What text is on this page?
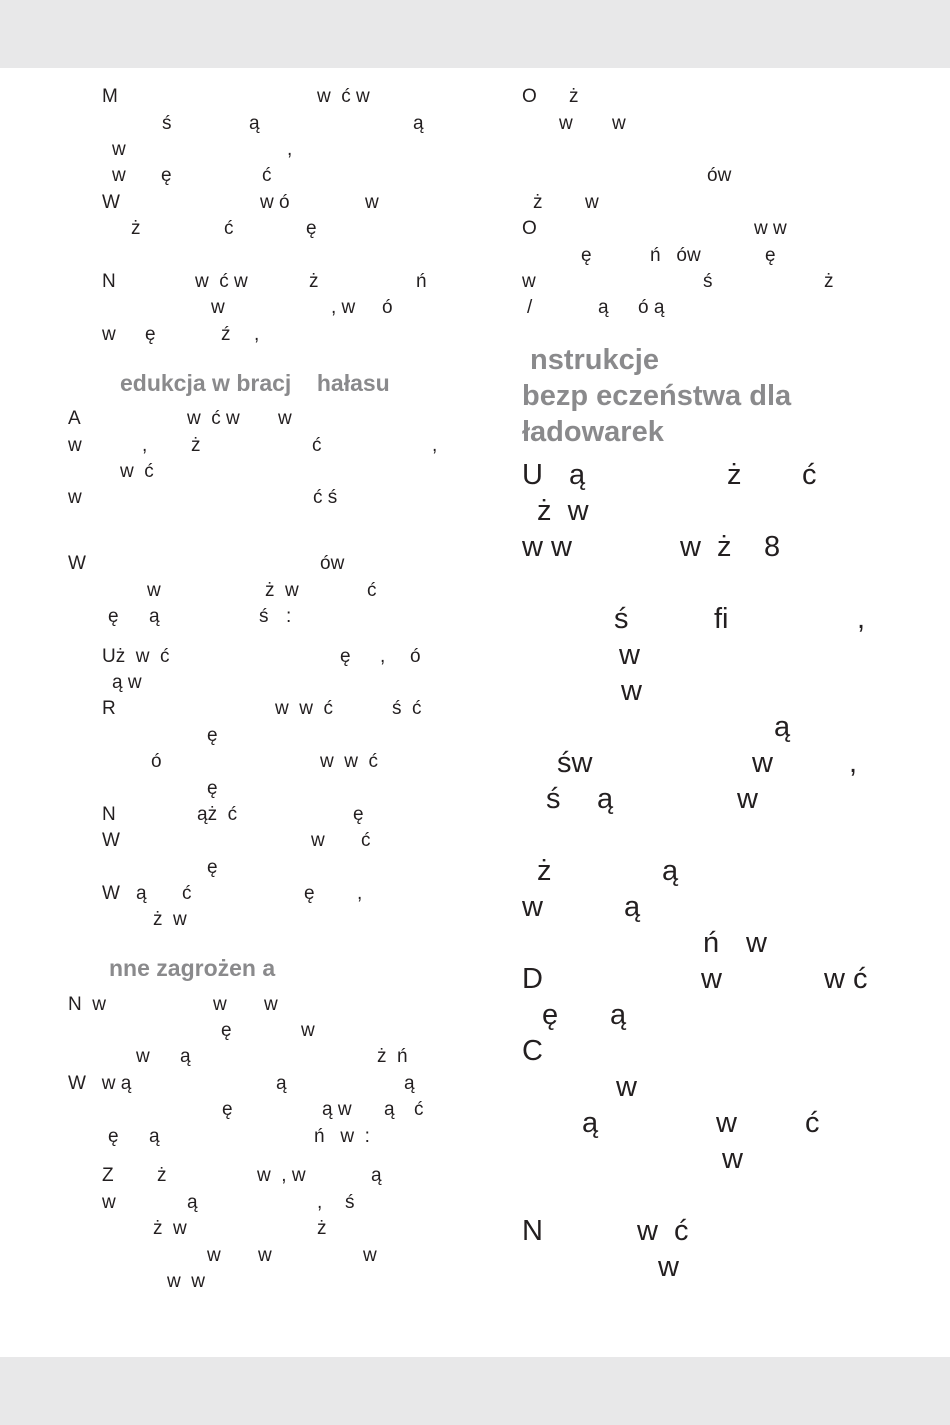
edukcja w bracj    hałasu
nne zagrożen a
nstrukcje
bezp eczeństwa dla
ładowarek
M	w  ć w
ś	ą	ą
w	,
w ę	ć
W	w ó	w
ż	ć	ę
N	w  ć w	ż	ń
w	, w ó
w ę	ź ,
A	w  ć w w
w	, ż	ć	,
w  ć
w	ć ś
W	ów
w	ż  w	ć
ę ą	ś :
Uż  w  ć	ę , ó
ą w
R	w  w  ć	ś  ć
ę
ó	w  w  ć
ę
N	ąż  ć	ę
W	w ć
ę
W ą ć	ę ,
ż  w
N  w	w w
ę	w
w ą	ż  ń
W   w ą	ą	ą
ę	ą w ą ć
ę ą	ń   w  :
Z ż	w  , w	ą
w	ą	, ś
ż  w	ż
w w	w
w  w
O ż
w w
ów
ż w
O	w w
ę	ń   ów	ę
w	ś	ż
/	ą ó ą
U ą	ż ć
ż  w
w w	w  ż 8
ś	fi	,
w
w
ą
św	w	,
ś ą	w
ż	ą
w	ą
ń w
D	w	w ć
ę ą
C
w
ą	w ć
w
N	w  ć
w
